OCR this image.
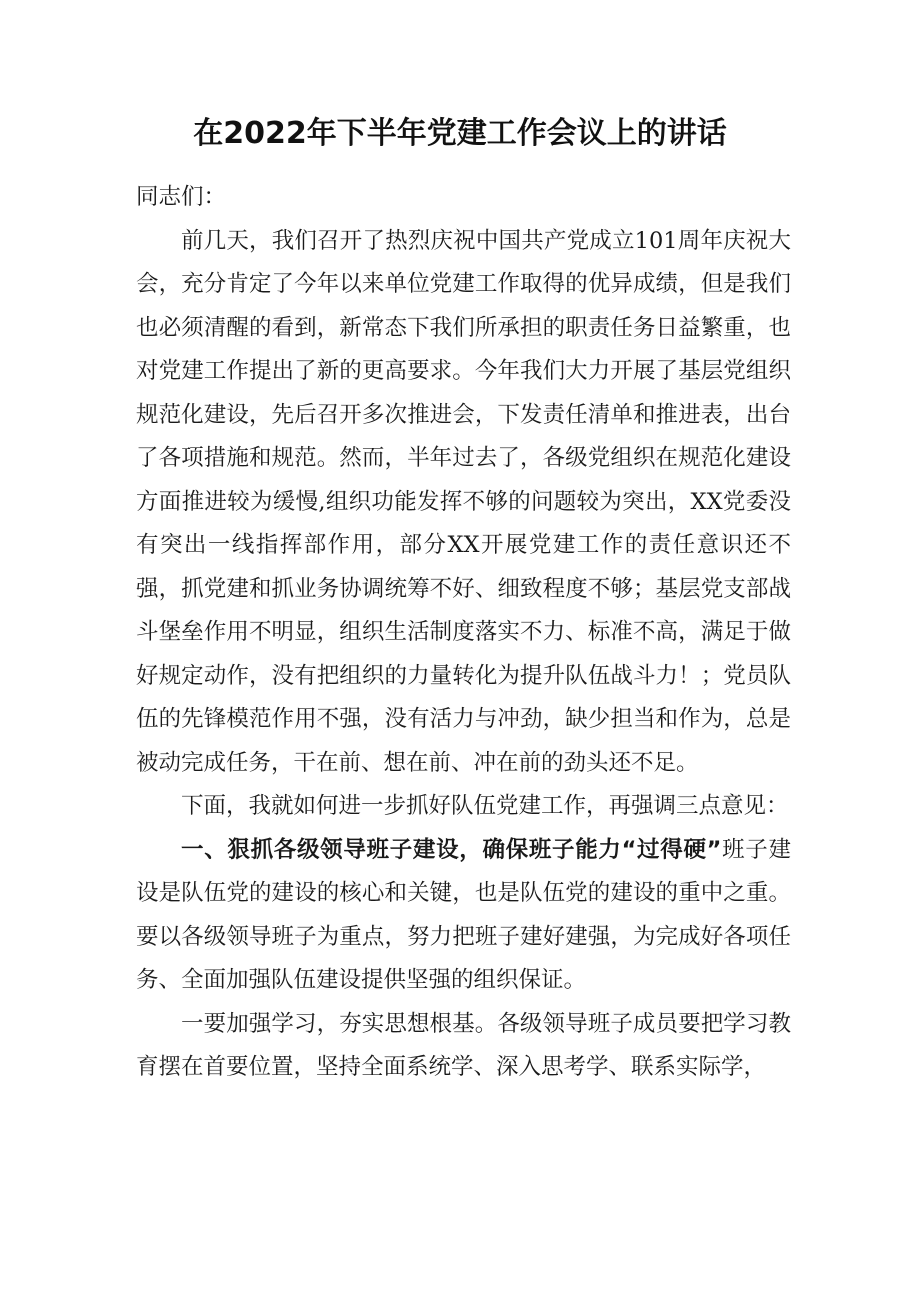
在2022年下半年党建工作会议上的讲话

同志们：

前几天，我们召开了热烈庆祝中国共产党成立101周年庆祝大会，充分肯定了今年以来单位党建工作取得的优异成绩，但是我们也必须清醒的看到，新常态下我们所承担的职责任务日益繁重，也对党建工作提出了新的更高要求。今年我们大力开展了基层党组织规范化建设，先后召开多次推进会，下发责任清单和推进表，出台了各项措施和规范。然而，半年过去了，各级党组织在规范化建设方面推进较为缓慢,组织功能发挥不够的问题较为突出，XX党委没有突出一线指挥部作用，部分XX开展党建工作的责任意识还不强，抓党建和抓业务协调统筹不好、细致程度不够；基层党支部战斗堡垒作用不明显，组织生活制度落实不力、标准不高，满足于做好规定动作，没有把组织的力量转化为提升队伍战斗力！；党员队伍的先锋模范作用不强，没有活力与冲劲，缺少担当和作为，总是被动完成任务，干在前、想在前、冲在前的劲头还不足。

下面，我就如何进一步抓好队伍党建工作，再强调三点意见：

一、狠抓各级领导班子建设，确保班子能力“过得硬”班子建设是队伍党的建设的核心和关键，也是队伍党的建设的重中之重。要以各级领导班子为重点，努力把班子建好建强，为完成好各项任务、全面加强队伍建设提供坚强的组织保证。

一要加强学习，夯实思想根基。各级领导班子成员要把学习教育摆在首要位置，坚持全面系统学、深入思考学、联系实际学，
